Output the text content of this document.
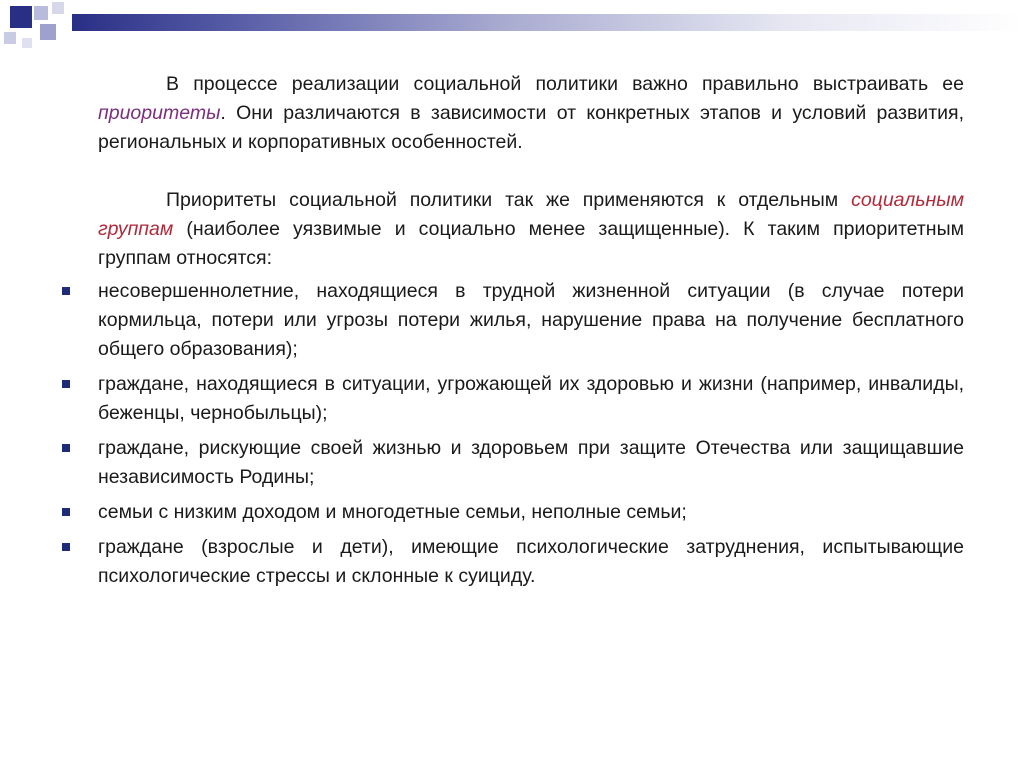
В процессе реализации социальной политики важно правильно выстраивать ее приоритеты. Они различаются в зависимости от конкретных этапов и условий развития, региональных и корпоративных особенностей.

Приоритеты социальной политики так же применяются к отдельным социальным группам (наиболее уязвимые и социально менее защищенные). К таким приоритетным группам относятся:

несовершеннолетние, находящиеся в трудной жизненной ситуации (в случае потери кормильца, потери или угрозы потери жилья, нарушение права на получение бесплатного общего образования);
граждане, находящиеся в ситуации, угрожающей их здоровью и жизни (например, инвалиды, беженцы, чернобыльцы);
граждане, рискующие своей жизнью и здоровьем при защите Отечества или защищавшие независимость Родины;
семьи с низким доходом и многодетные семьи, неполные семьи;
граждане (взрослые и дети), имеющие психологические затруднения, испытывающие психологические стрессы и склонные к суициду.
